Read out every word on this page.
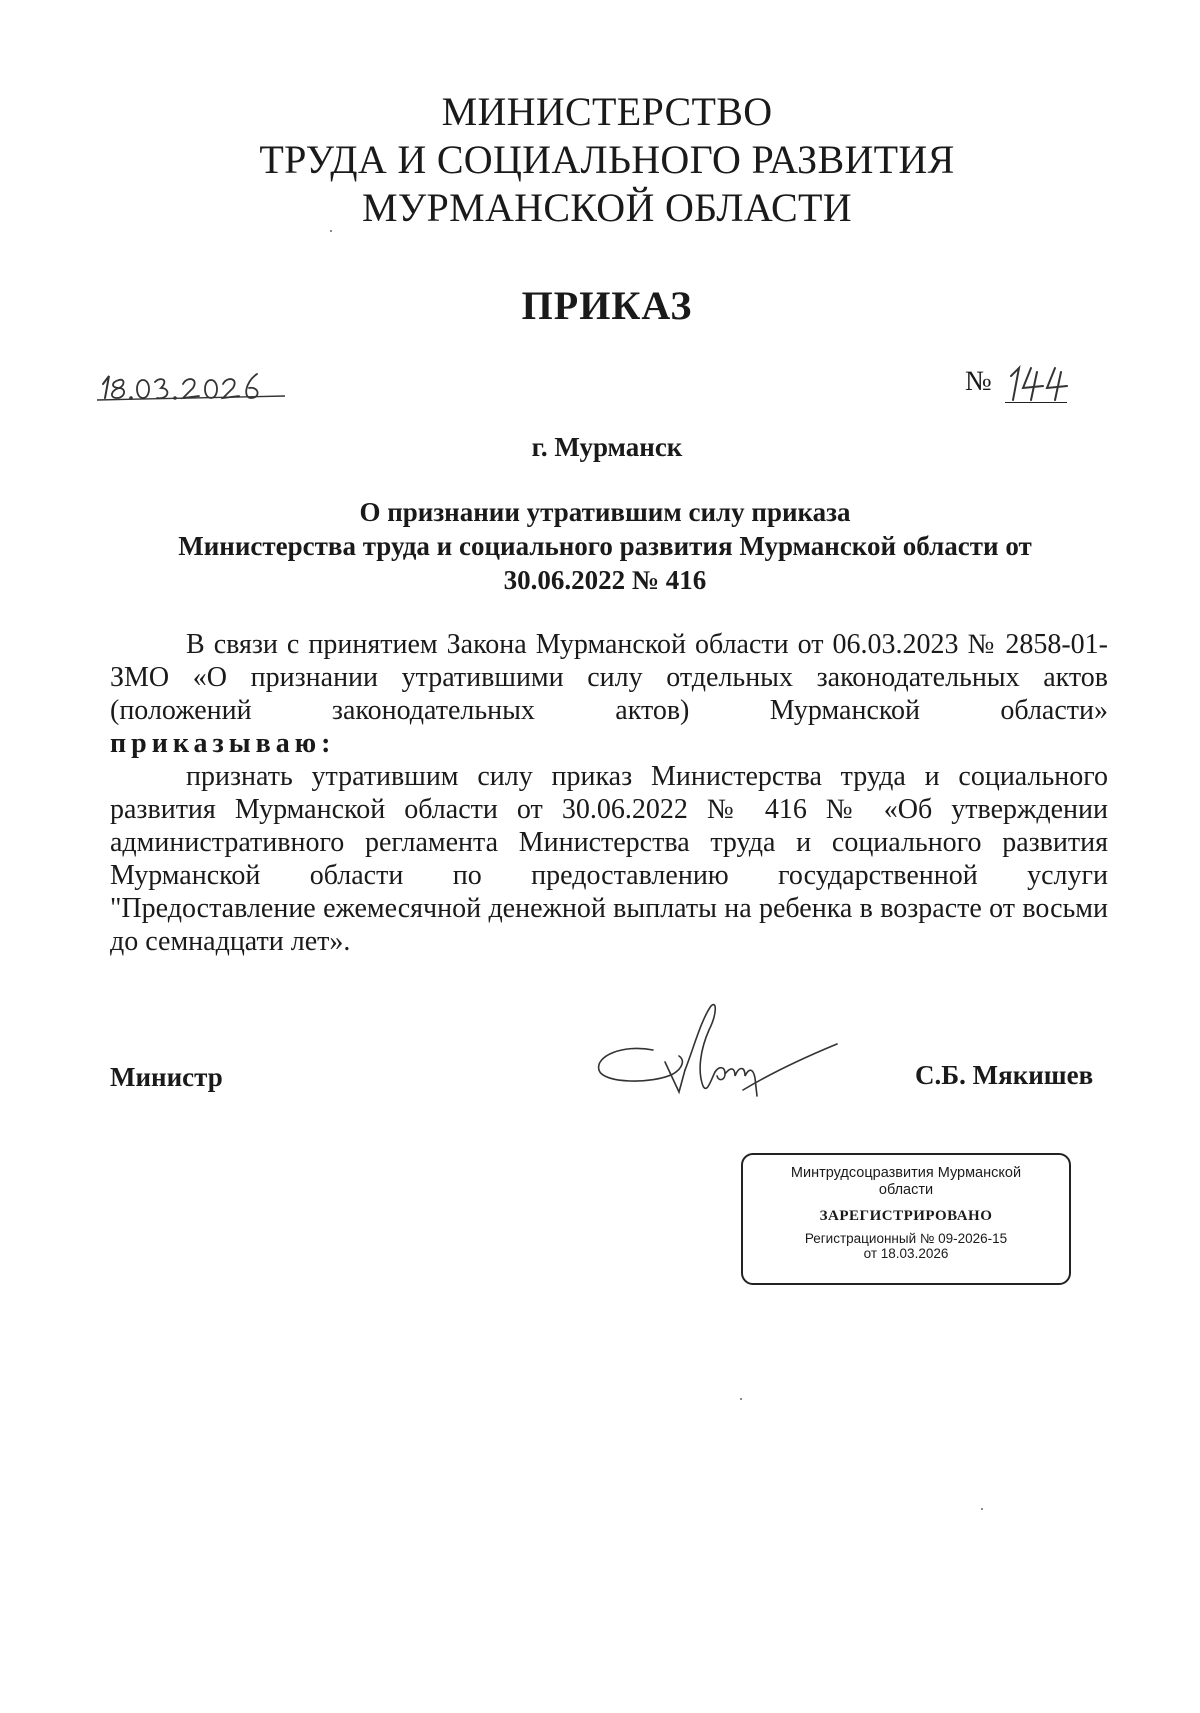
МИНИСТЕРСТВО
ТРУДА И СОЦИАЛЬНОГО РАЗВИТИЯ
МУРМАНСКОЙ ОБЛАСТИ
ПРИКАЗ
№
г. Мурманск
О признании утратившим силу приказа
Министерства труда и социального развития Мурманской области от
30.06.2022 № 416

В связи с принятием Закона Мурманской области от 06.03.2023 № 2858-01-ЗМО «О признании утратившими силу отдельных законодательных актов (положений законодательных актов) Мурманской области»

приказываю:

признать утратившим силу приказ Министерства труда и социального развития Мурманской области от 30.06.2022 № 416 № «Об утверждении административного регламента Министерства труда и социального развития Мурманской области по предоставлению государственной услуги "Предоставление ежемесячной денежной выплаты на ребенка в возрасте от восьми до семнадцати лет».

Министр	С.Б. Мякишев
Минтрудсоцразвития Мурманской области
ЗАРЕГИСТРИРОВАНО
Регистрационный № 09-2026-15
от 18.03.2026
